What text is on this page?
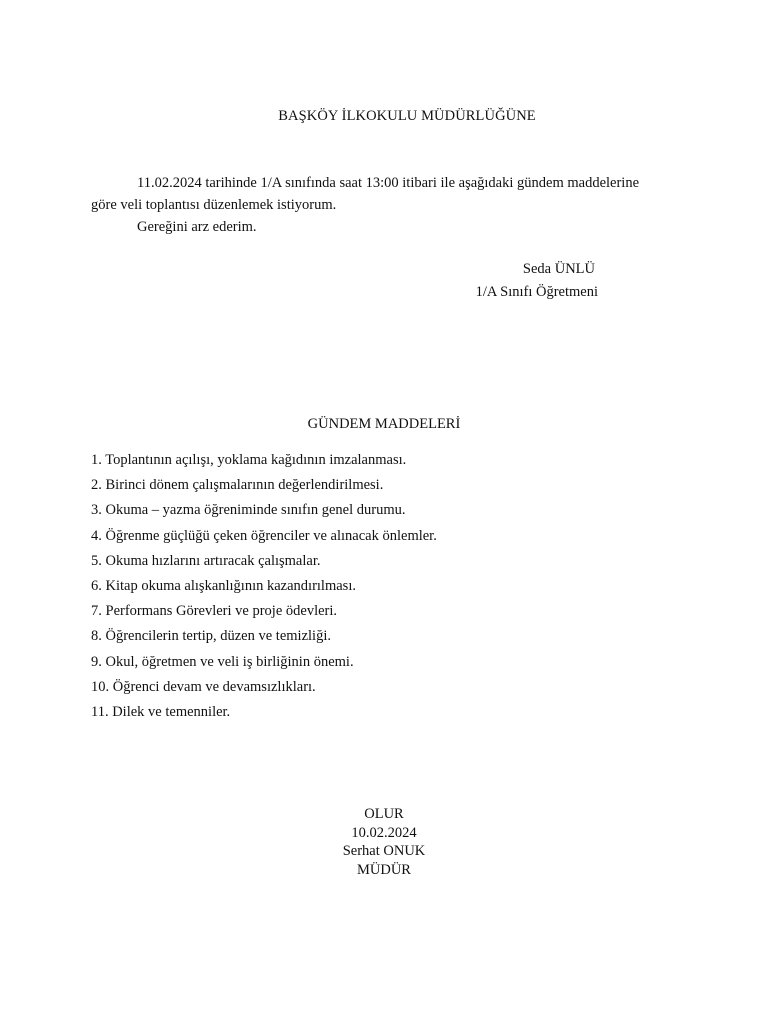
BAŞKÖY İLKOKULU MÜDÜRLÜĞÜNE
11.02.2024 tarihinde 1/A sınıfında saat 13:00 itibari ile aşağıdaki gündem maddelerine
göre veli toplantısı düzenlemek istiyorum.
Gereğini arz ederim.
Seda ÜNLÜ
1/A Sınıfı Öğretmeni
GÜNDEM MADDELERİ
1. Toplantının açılışı, yoklama kağıdının imzalanması.
2. Birinci dönem çalışmalarının değerlendirilmesi.
3. Okuma – yazma öğreniminde sınıfın genel durumu.
4. Öğrenme güçlüğü çeken öğrenciler ve alınacak önlemler.
5. Okuma hızlarını artıracak çalışmalar.
6. Kitap okuma alışkanlığının kazandırılması.
7. Performans Görevleri ve proje ödevleri.
8. Öğrencilerin tertip, düzen ve temizliği.
9. Okul, öğretmen ve veli iş birliğinin önemi.
10. Öğrenci devam ve devamsızlıkları.
11. Dilek ve temenniler.
OLUR
10.02.2024
Serhat ONUK
MÜDÜR
